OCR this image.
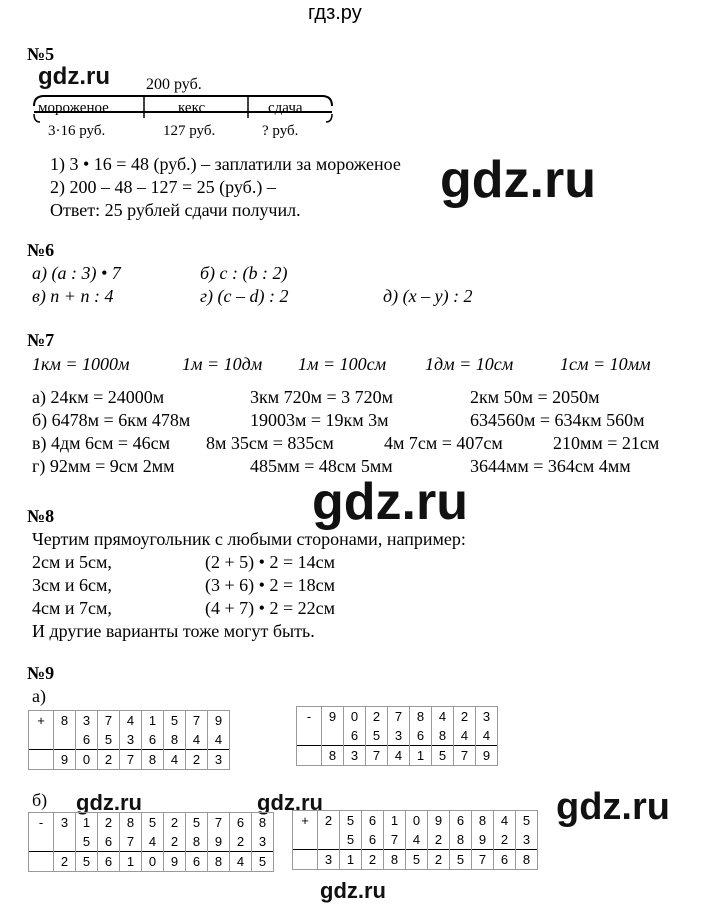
гдз.ру
№5
gdz.ru 200 руб.
мороженое	кекс	сдача
3·16 руб.	127 руб.	? руб.
1) 3 • 16 = 48 (руб.) – заплатили за мороженое
2) 200 – 48 – 127 = 25 (руб.) –
Ответ: 25 рублей сдачи получил.
gdz.ru
№6
а) (a : 3) • 7	б) c : (b : 2)
в) n + n : 4	г) (c – d) : 2	д) (x – y) : 2
№7
1км = 1000м	1м = 10дм 1м = 100см 1дм = 10см	1см = 10мм
а) 24км = 24000м	3км 720м = 3 720м	2км 50м = 2050м
б) 6478м = 6км 478м	19003м = 19км 3м	634560м = 634км 560м
в) 4дм 6см = 46см 8м 35см = 835см	4м 7см = 407см	210мм = 21см
г) 92мм = 9см 2мм	485мм = 48см 5мм	3644мм = 364см 4мм
gdz.ru
№8
Чертим прямоугольник с любыми сторонами, например:
2см и 5см,	(2 + 5) • 2 = 14см
3см и 6см,	(3 + 6) • 2 = 18см
4см и 7см,	(4 + 7) • 2 = 22см
И другие варианты тоже могут быть.
№9
а)
+	8	3	7	4	1	5	7	9
		6	5	3	6	8	4	4
	9	0	2	7	8	4	2	3
-	9	0	2	7	8	4	2	3
		6	5	3	6	8	4	4
	8	3	7	4	1	5	7	9
б) gdz.ru	gdz.ru	gdz.ru
-	3	1	2	8	5	2	5	7	6	8
		5	6	7	4	2	8	9	2	3
	2	5	6	1	0	9	6	8	4	5
+	2	5	6	1	0	9	6	8	4	5
		5	6	7	4	2	8	9	2	3
	3	1	2	8	5	2	5	7	6	8
gdz.ru
